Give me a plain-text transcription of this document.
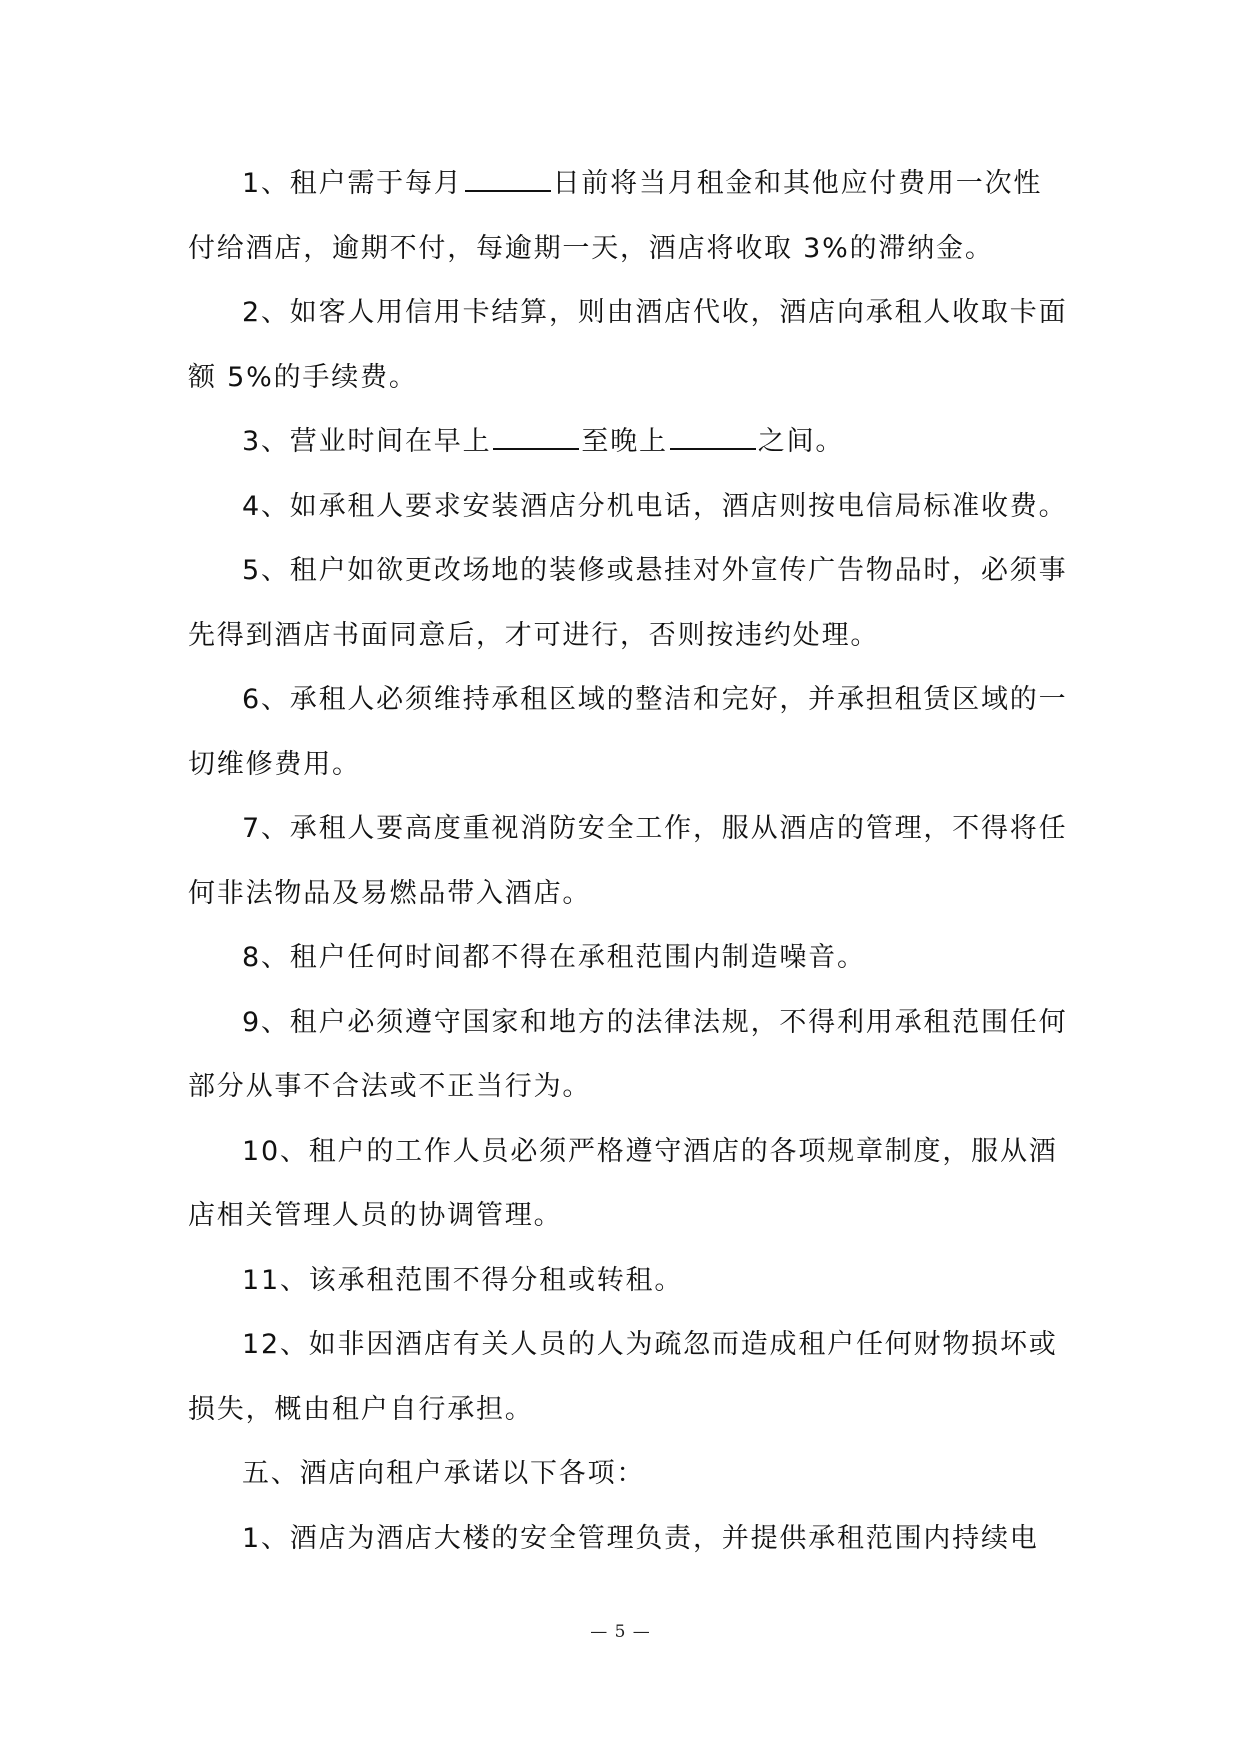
1、租户需于每月	日前将当月租金和其他应付费用一次性付给酒店，逾期不付，每逾期一天，酒店将收取 3%的滞纳金。

2、如客人用信用卡结算，则由酒店代收，酒店向承租人收取卡面额 5%的手续费。

3、营业时间在早上	至晚上	之间。

4、如承租人要求安装酒店分机电话，酒店则按电信局标准收费。

5、租户如欲更改场地的装修或悬挂对外宣传广告物品时，必须事先得到酒店书面同意后，才可进行，否则按违约处理。

6、承租人必须维持承租区域的整洁和完好，并承担租赁区域的一切维修费用。

7、承租人要高度重视消防安全工作，服从酒店的管理，不得将任何非法物品及易燃品带入酒店。

8、租户任何时间都不得在承租范围内制造噪音。

9、租户必须遵守国家和地方的法律法规，不得利用承租范围任何部分从事不合法或不正当行为。

10、租户的工作人员必须严格遵守酒店的各项规章制度，服从酒店相关管理人员的协调管理。

11、该承租范围不得分租或转租。

12、如非因酒店有关人员的人为疏忽而造成租户任何财物损坏或损失，概由租户自行承担。

五、酒店向租户承诺以下各项：

1、酒店为酒店大楼的安全管理负责，并提供承租范围内持续电

— 5 —
